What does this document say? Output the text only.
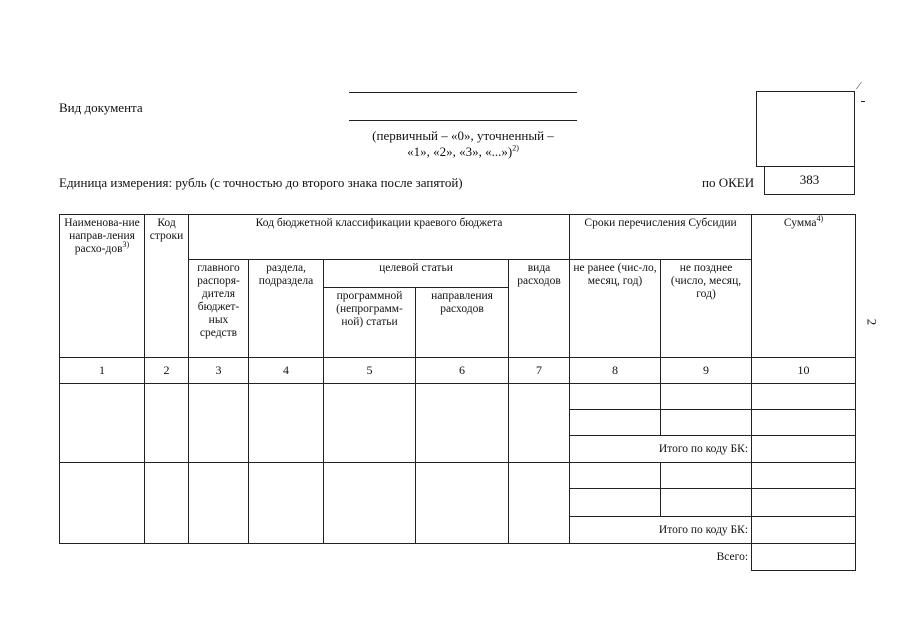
Вид документа
(первичный – «0», уточненный –
«1», «2», «3», «...»)$^{2)}$
383
Единица измерения: рубль (с точностью до второго знака после запятой)	по ОКЕИ
⁄
2
Наименова-ние направ-ления расхо-дов$^{3)}$	Код строки	Код бюджетной классификации краевого бюджета					Сроки перечисления Субсидии		Сумма$^{4)}$
		главного распоря-дителя бюджет-ных средств	раздела, подраздела	целевой статьи		вида расходов	не ранее (чис-ло, месяц, год)	не позднее (число, месяц, год)	
				программной (непрограмм-ной) статьи	направления расходов				
1	2	3	4	5	6	7	8	9	10

							Итого по коду БК:		

							Итого по коду БК:		
Всего:									
